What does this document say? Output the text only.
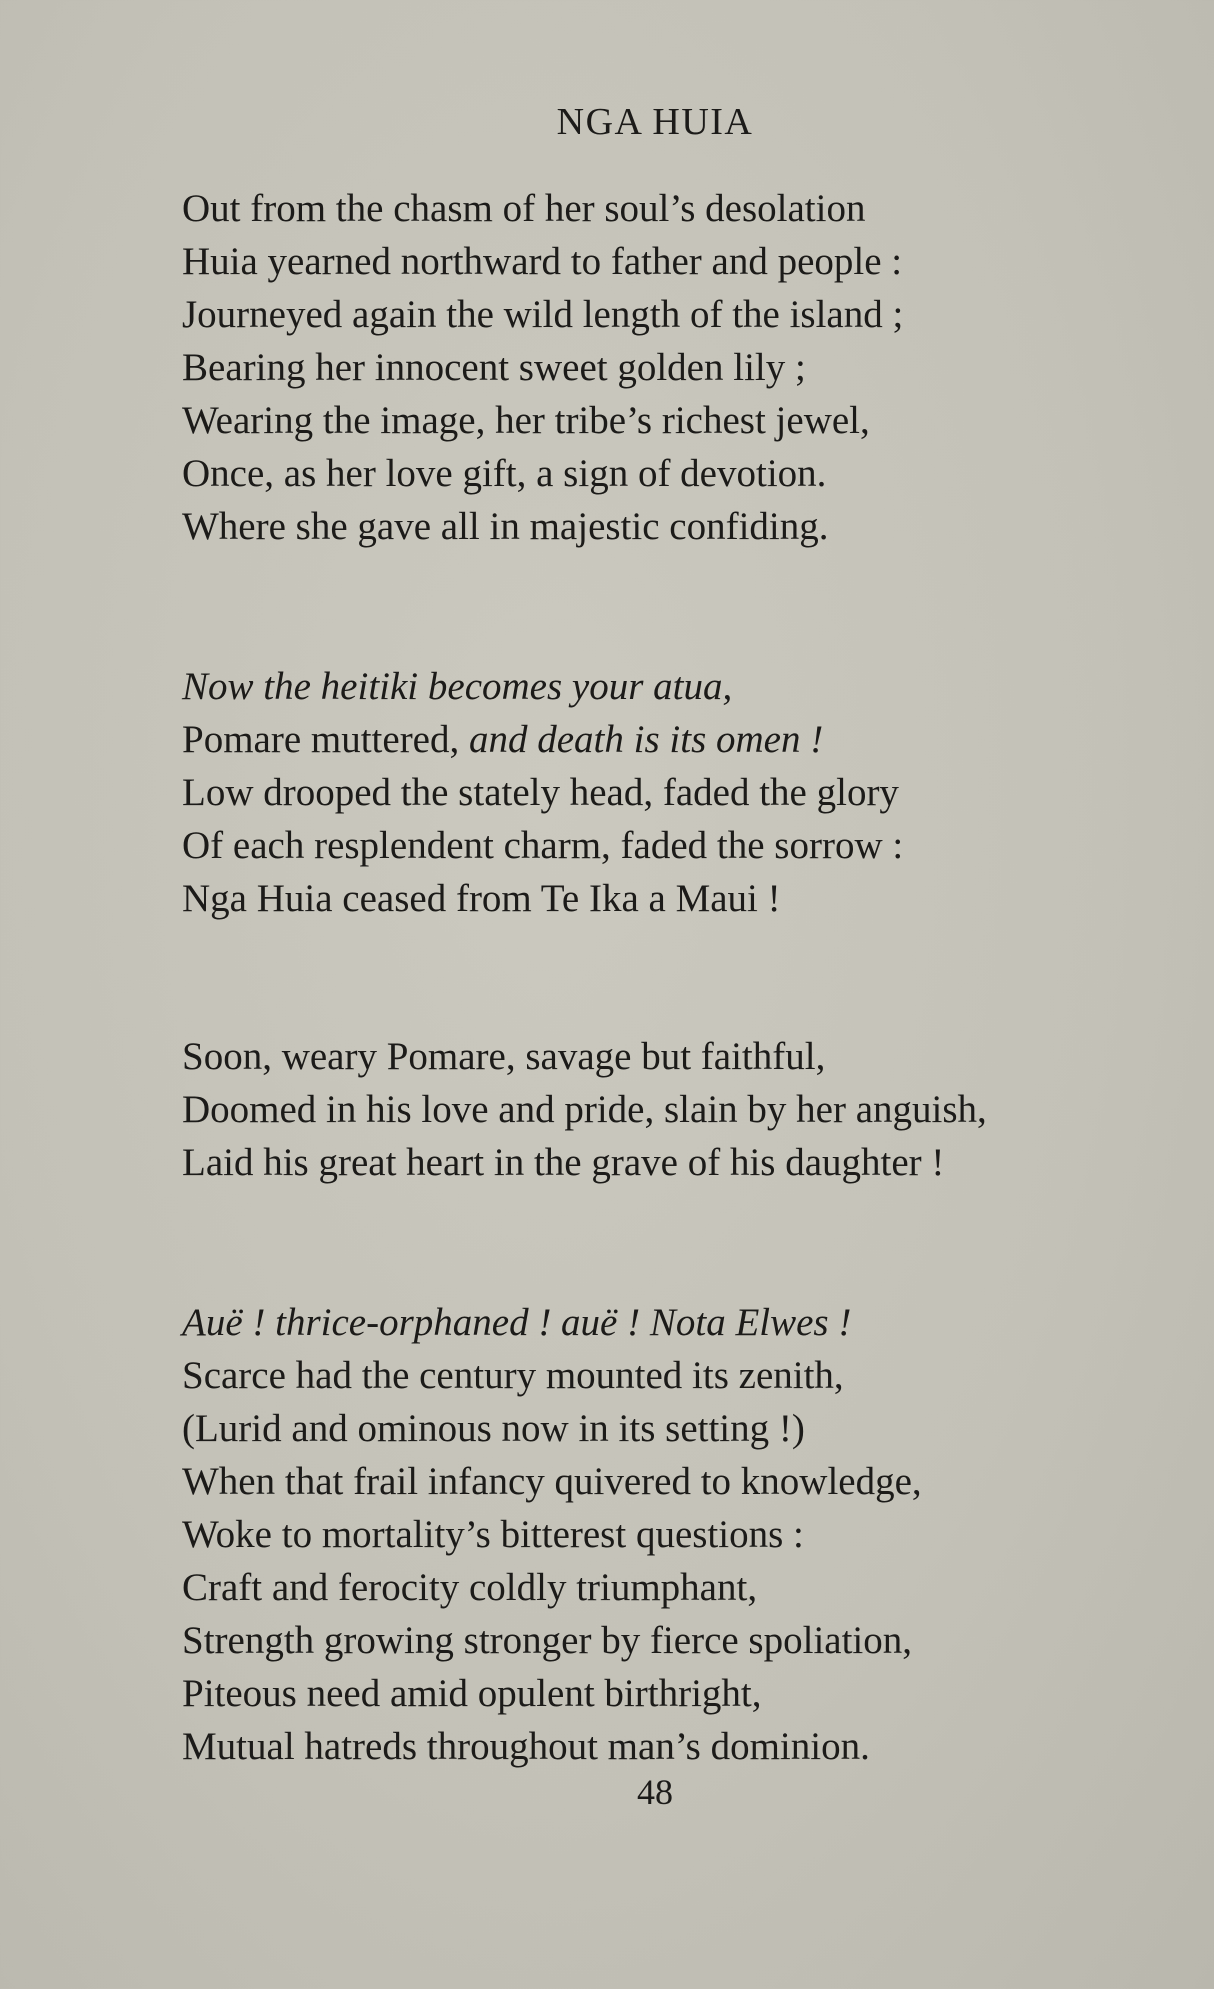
NGA HUIA
Out from the chasm of her soul’s desolation
Huia yearned northward to father and people :
Journeyed again the wild length of the island ;
Bearing her innocent sweet golden lily ;
Wearing the image, her tribe’s richest jewel,
Once, as her love gift, a sign of devotion.
Where she gave all in majestic confiding.
Now the heitiki becomes your atua,
Pomare muttered, and death is its omen !
Low drooped the stately head, faded the glory
Of each resplendent charm, faded the sorrow :
Nga Huia ceased from Te Ika a Maui !
Soon, weary Pomare, savage but faithful,
Doomed in his love and pride, slain by her anguish,
Laid his great heart in the grave of his daughter !
Auë ! thrice-orphaned ! auë ! Nota Elwes !
Scarce had the century mounted its zenith,
(Lurid and ominous now in its setting !)
When that frail infancy quivered to knowledge,
Woke to mortality’s bitterest questions :
Craft and ferocity coldly triumphant,
Strength growing stronger by fierce spoliation,
Piteous need amid opulent birthright,
Mutual hatreds throughout man’s dominion.
48
